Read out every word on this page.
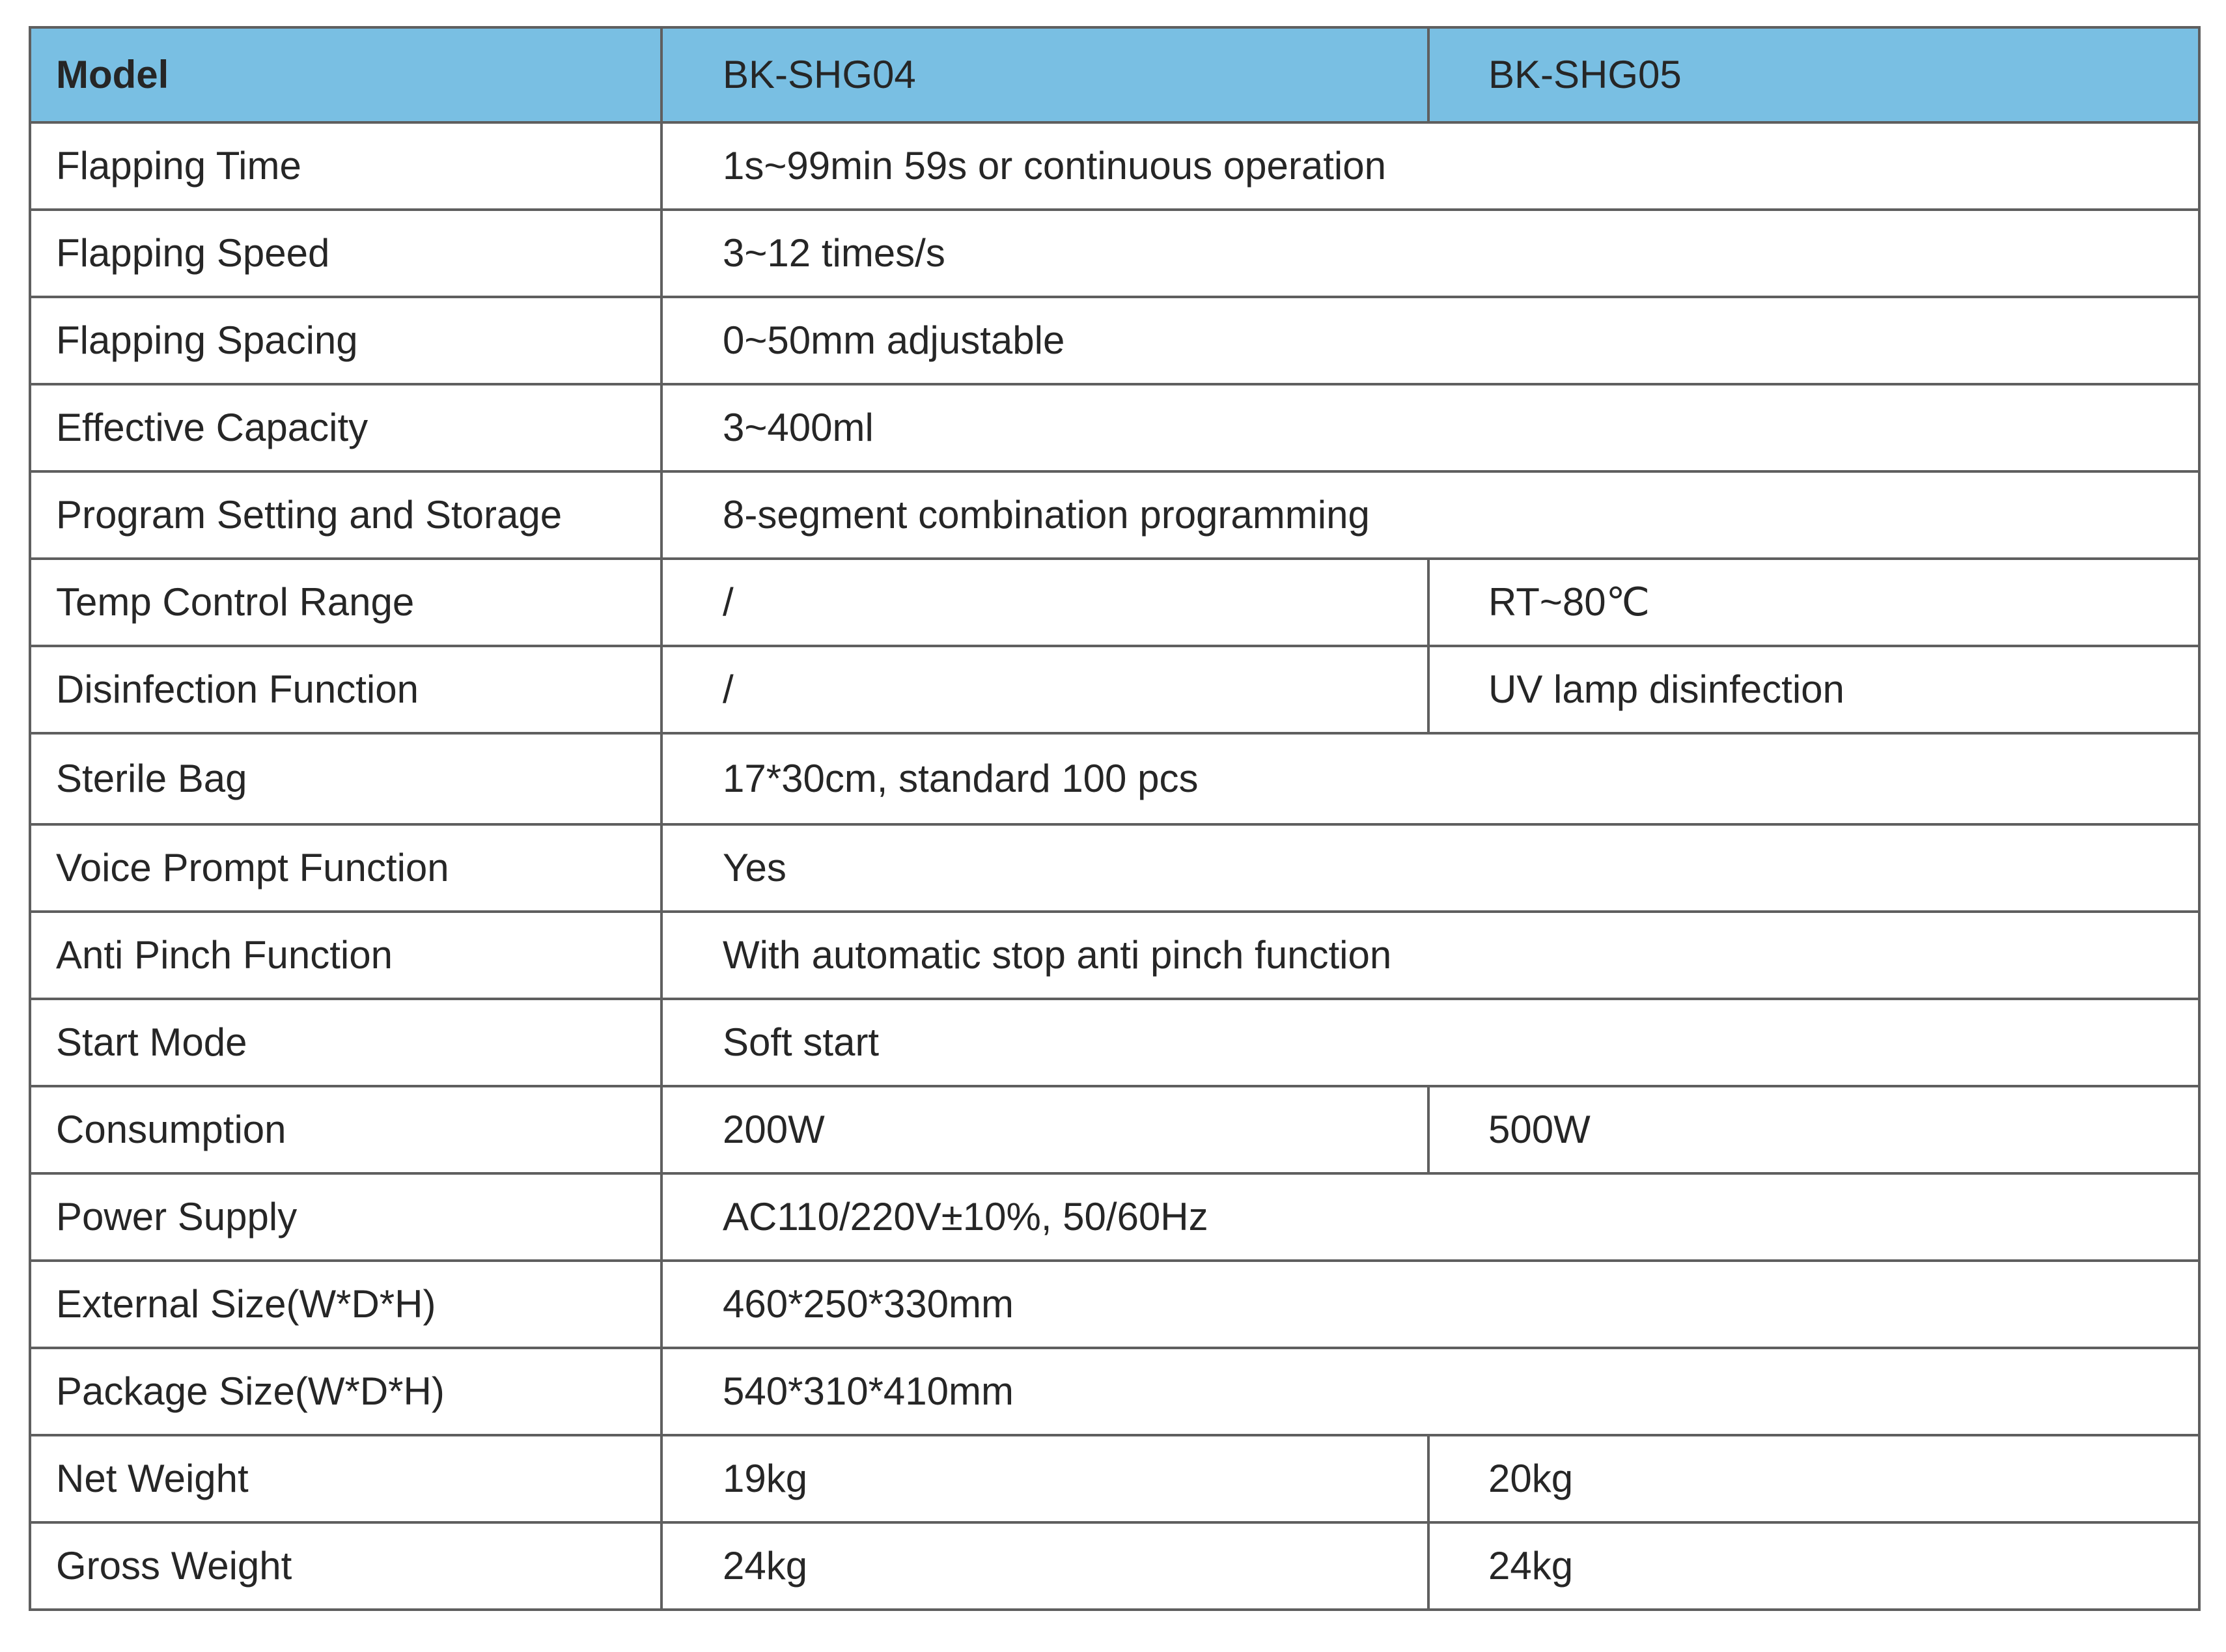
Model	BK-SHG04	BK-SHG05
Flapping Time	1s~99min 59s or continuous operation	
Flapping Speed	3~12 times/s	
Flapping Spacing	0~50mm adjustable	
Effective Capacity	3~400ml	
Program Setting and Storage	8-segment combination programming	
Temp Control Range	/	RT~80℃
Disinfection Function	/	UV lamp disinfection
Sterile Bag	17*30cm, standard 100 pcs	
Voice Prompt Function	Yes	
Anti Pinch Function	With automatic stop anti pinch function	
Start Mode	Soft start	
Consumption	200W	500W
Power Supply	AC110/220V±10%, 50/60Hz	
External Size(W*D*H)	460*250*330mm	
Package Size(W*D*H)	540*310*410mm	
Net Weight	19kg	20kg
Gross Weight	24kg	24kg
